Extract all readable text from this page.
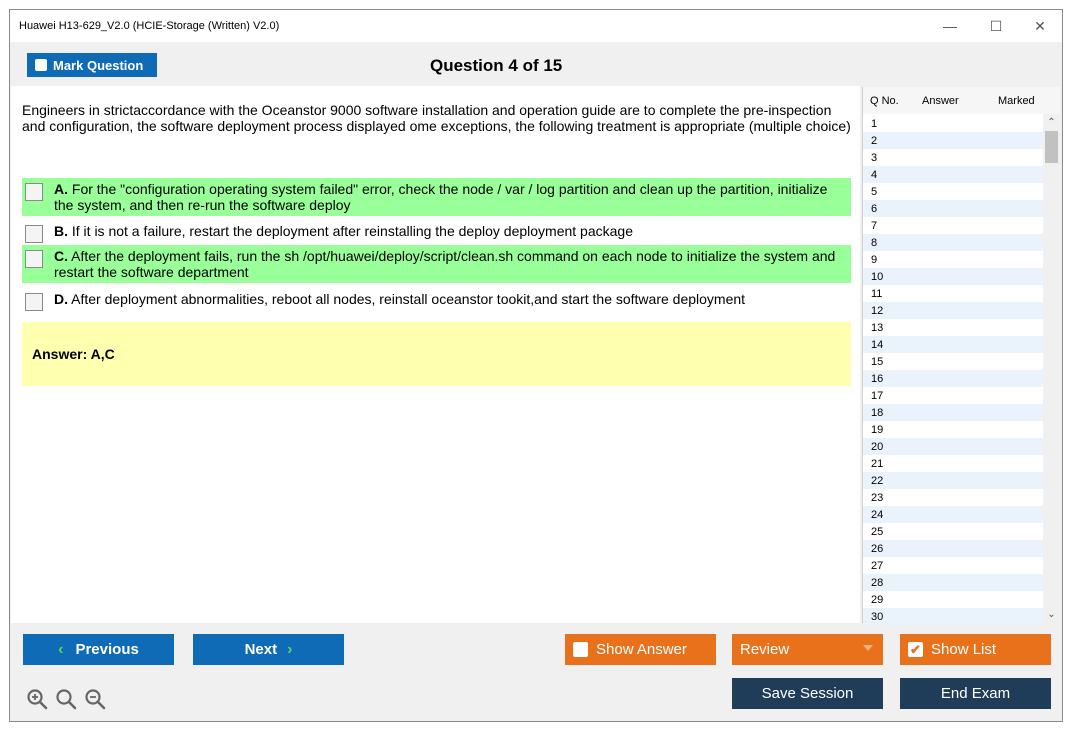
Huawei H13-629_V2.0 (HCIE-Storage (Written) V2.0)	—	☐	✕
Mark Question	Question 4 of 15
Engineers in strictaccordance with the Oceanstor 9000 software installation and operation guide are to complete the pre-inspection and configuration, the software deployment process displayed ome exceptions, the following treatment is appropriate (multiple choice)
A. For the "configuration operating system failed" error, check the node / var / log partition and clean up the partition, initialize the system, and then re-run the software deploy
B. If it is not a failure, restart the deployment after reinstalling the deploy deployment package
C. After the deployment fails, run the sh /opt/huawei/deploy/script/clean.sh command on each node to initialize the system and restart the software department
D. After deployment abnormalities, reboot all nodes, reinstall oceanstor tookit,and start the software deployment
Answer: A,C
Q No. Answer	Marked
1
2
3
4
5
6
7
8
9
10
11
12
13
14
15
16
17
18
19
20
21
22
23
24
25
26
27
28
29
30
⌃
⌄
‹ Previous	Next ›	Show Answer	Review	✔ Show List
Save Session	End Exam
